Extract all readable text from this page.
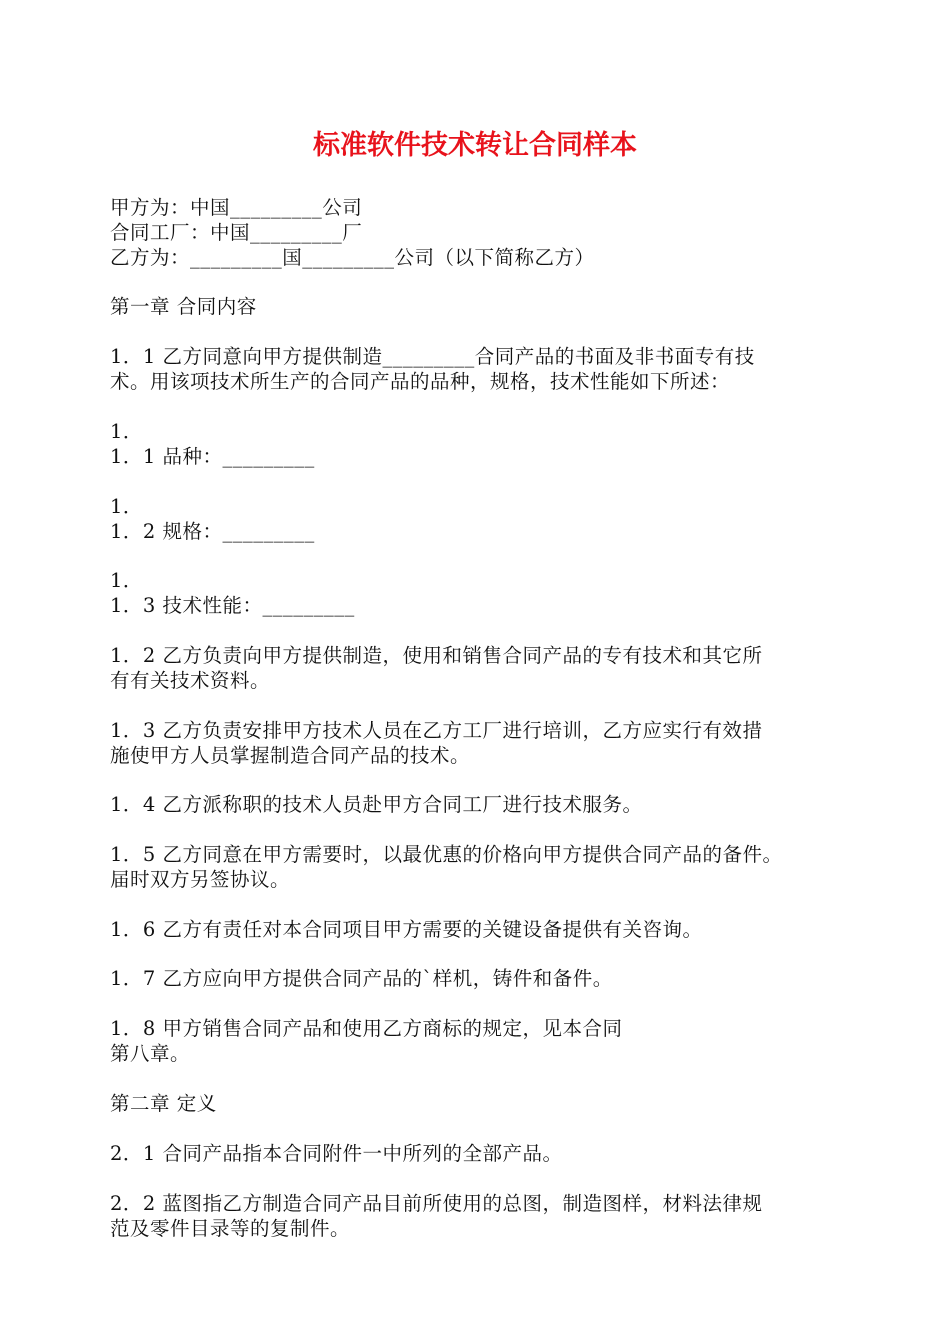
标准软件技术转让合同样本

甲方为：中国_________公司

合同工厂：中国_________厂

乙方为：_________国_________公司（以下简称乙方）

第一章 合同内容

1．1 乙方同意向甲方提供制造_________合同产品的书面及非书面专有技

术。用该项技术所生产的合同产品的品种，规格，技术性能如下所述：

1．

1．1 品种：_________

1．

1．2 规格：_________

1．

1．3 技术性能：_________

1．2 乙方负责向甲方提供制造，使用和销售合同产品的专有技术和其它所

有有关技术资料。

1．3 乙方负责安排甲方技术人员在乙方工厂进行培训，乙方应实行有效措

施使甲方人员掌握制造合同产品的技术。

1．4 乙方派称职的技术人员赴甲方合同工厂进行技术服务。

1．5 乙方同意在甲方需要时，以最优惠的价格向甲方提供合同产品的备件。

届时双方另签协议。

1．6 乙方有责任对本合同项目甲方需要的关键设备提供有关咨询。

1．7 乙方应向甲方提供合同产品的`样机，铸件和备件。

1．8 甲方销售合同产品和使用乙方商标的规定，见本合同

第八章。

第二章 定义

2．1 合同产品指本合同附件一中所列的全部产品。

2．2 蓝图指乙方制造合同产品目前所使用的总图，制造图样，材料法律规

范及零件目录等的复制件。
